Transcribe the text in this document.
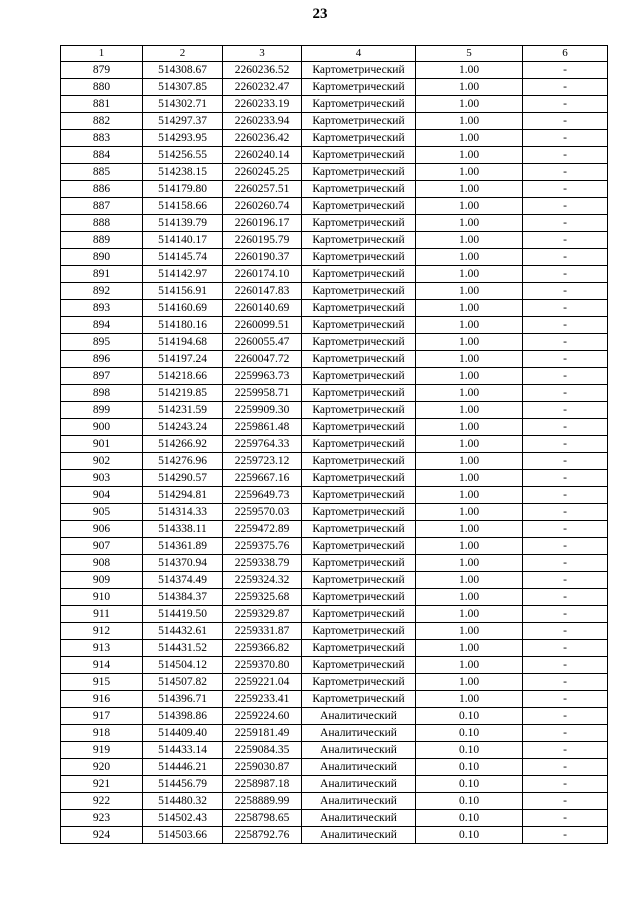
23
1	2	3	4	5	6
879	514308.67	2260236.52	Картометрический	1.00	-
880	514307.85	2260232.47	Картометрический	1.00	-
881	514302.71	2260233.19	Картометрический	1.00	-
882	514297.37	2260233.94	Картометрический	1.00	-
883	514293.95	2260236.42	Картометрический	1.00	-
884	514256.55	2260240.14	Картометрический	1.00	-
885	514238.15	2260245.25	Картометрический	1.00	-
886	514179.80	2260257.51	Картометрический	1.00	-
887	514158.66	2260260.74	Картометрический	1.00	-
888	514139.79	2260196.17	Картометрический	1.00	-
889	514140.17	2260195.79	Картометрический	1.00	-
890	514145.74	2260190.37	Картометрический	1.00	-
891	514142.97	2260174.10	Картометрический	1.00	-
892	514156.91	2260147.83	Картометрический	1.00	-
893	514160.69	2260140.69	Картометрический	1.00	-
894	514180.16	2260099.51	Картометрический	1.00	-
895	514194.68	2260055.47	Картометрический	1.00	-
896	514197.24	2260047.72	Картометрический	1.00	-
897	514218.66	2259963.73	Картометрический	1.00	-
898	514219.85	2259958.71	Картометрический	1.00	-
899	514231.59	2259909.30	Картометрический	1.00	-
900	514243.24	2259861.48	Картометрический	1.00	-
901	514266.92	2259764.33	Картометрический	1.00	-
902	514276.96	2259723.12	Картометрический	1.00	-
903	514290.57	2259667.16	Картометрический	1.00	-
904	514294.81	2259649.73	Картометрический	1.00	-
905	514314.33	2259570.03	Картометрический	1.00	-
906	514338.11	2259472.89	Картометрический	1.00	-
907	514361.89	2259375.76	Картометрический	1.00	-
908	514370.94	2259338.79	Картометрический	1.00	-
909	514374.49	2259324.32	Картометрический	1.00	-
910	514384.37	2259325.68	Картометрический	1.00	-
911	514419.50	2259329.87	Картометрический	1.00	-
912	514432.61	2259331.87	Картометрический	1.00	-
913	514431.52	2259366.82	Картометрический	1.00	-
914	514504.12	2259370.80	Картометрический	1.00	-
915	514507.82	2259221.04	Картометрический	1.00	-
916	514396.71	2259233.41	Картометрический	1.00	-
917	514398.86	2259224.60	Аналитический	0.10	-
918	514409.40	2259181.49	Аналитический	0.10	-
919	514433.14	2259084.35	Аналитический	0.10	-
920	514446.21	2259030.87	Аналитический	0.10	-
921	514456.79	2258987.18	Аналитический	0.10	-
922	514480.32	2258889.99	Аналитический	0.10	-
923	514502.43	2258798.65	Аналитический	0.10	-
924	514503.66	2258792.76	Аналитический	0.10	-
